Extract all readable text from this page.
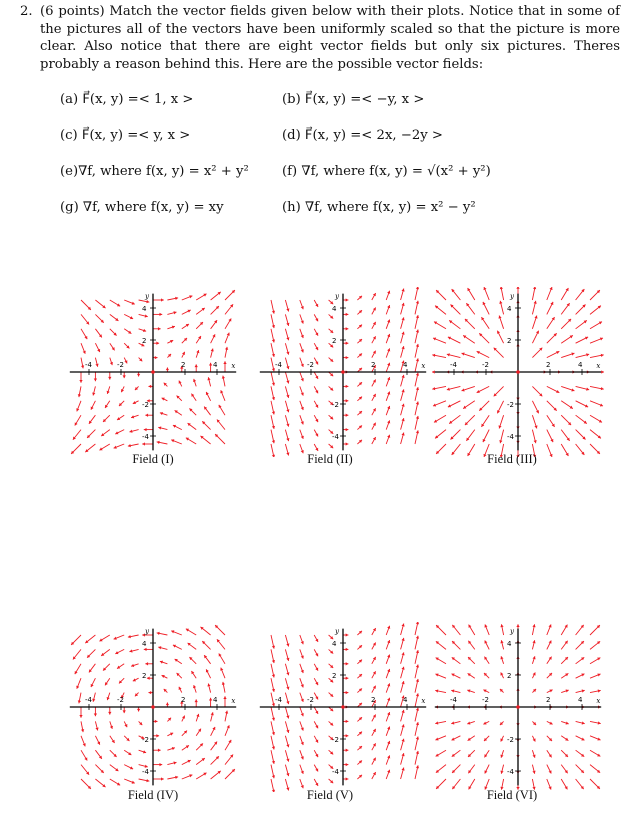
2. (6 points) Match the vector fields given below with their plots. Notice that in some of the pictures all of the vectors have been uniformly scaled so that the picture is more clear. Also notice that there are eight vector fields but only six pictures. Theres probably a reason behind this. Here are the possible vector fields:

(a) F⃗(x, y) =< 1, x >	(b) F⃗(x, y) =< −y, x >
(c) F⃗(x, y) =< y, x >	(d) F⃗(x, y) =< 2x, −2y >
(e)∇f, where f(x, y) = x² + y²	(f) ∇f, where f(x, y) = √(x² + y²)
(g) ∇f, where f(x, y) = xy	(h) ∇f, where f(x, y) = x² − y²
-4
-4
-2
-2
2
2
4
4
x
y
-4
-4
-2
-2
2
2
4
4
x
y
-4
-4
-2
-2
2
2
4
4
x
y
-4
-4
-2
-2
2
2
4
4
x
y
-4
-4
-2
-2
2
2
4
4
x
y
-4
-4
-2
-2
2
2
4
4
x
y
Field (I)	Field (II)	Field (III)
Field (IV)	Field (V)	Field (VI)
